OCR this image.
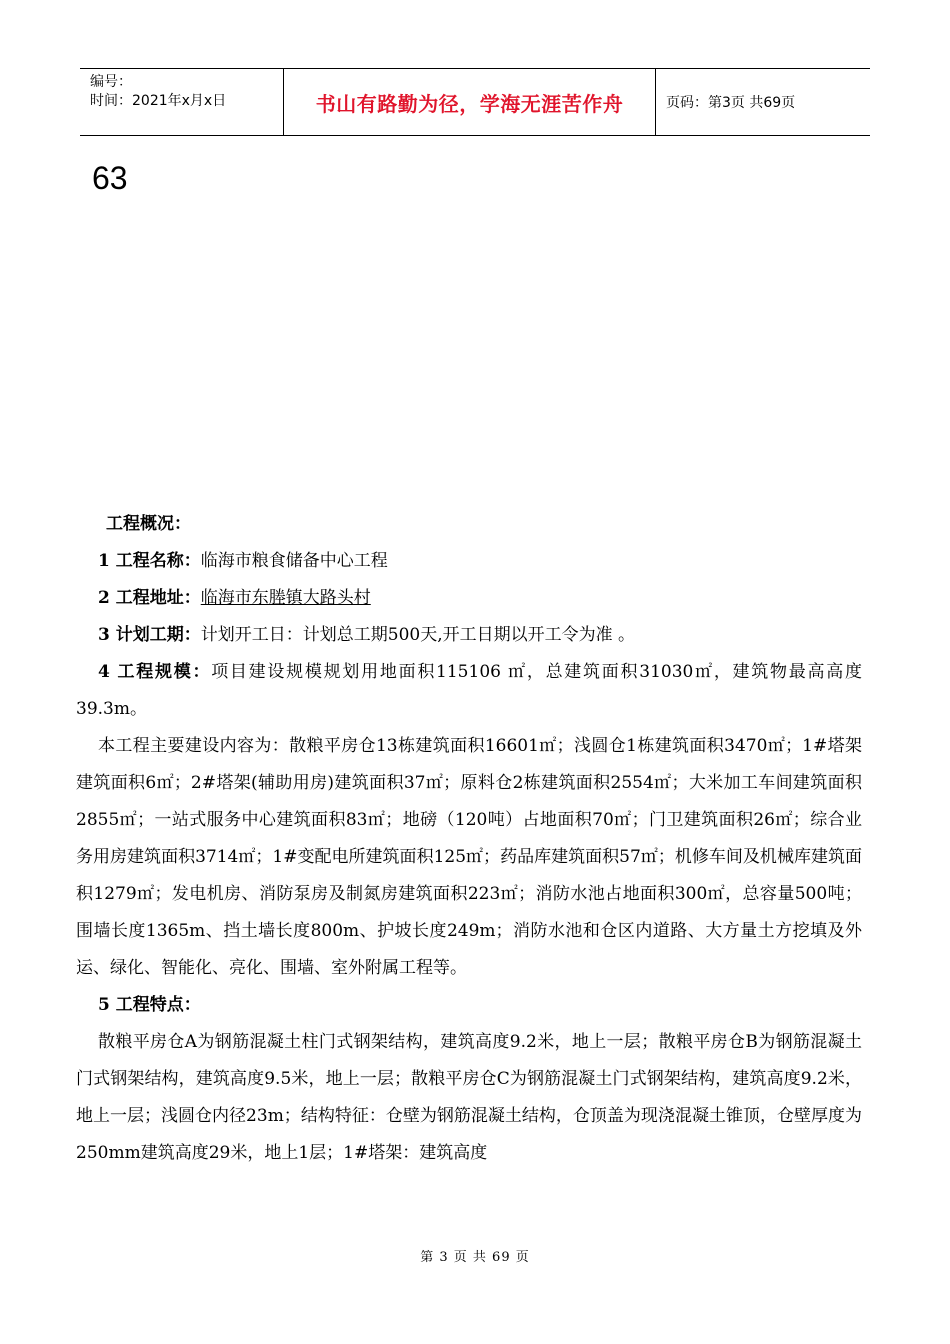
编号：
时间：2021年x月x日	书山有路勤为径，学海无涯苦作舟	页码：第3页 共69页
63

工程概况：

1 工程名称：临海市粮食储备中心工程

2 工程地址：临海市东塍镇大路头村

3 计划工期：计划开工日：计划总工期500天,开工日期以开工令为准 。

4 工程规模：项目建设规模规划用地面积115106 ㎡，总建筑面积31030㎡，建筑物最高高度39.3m。

本工程主要建设内容为：散粮平房仓13栋建筑面积16601㎡；浅圆仓1栋建筑面积3470㎡；1#塔架建筑面积6㎡；2#塔架(辅助用房)建筑面积37㎡；原料仓2栋建筑面积2554㎡；大米加工车间建筑面积2855㎡；一站式服务中心建筑面积83㎡；地磅（120吨）占地面积70㎡；门卫建筑面积26㎡；综合业务用房建筑面积3714㎡；1#变配电所建筑面积125㎡；药品库建筑面积57㎡；机修车间及机械库建筑面积1279㎡；发电机房、消防泵房及制氮房建筑面积223㎡；消防水池占地面积300㎡，总容量500吨；围墙长度1365m、挡土墙长度800m、护坡长度249m；消防水池和仓区内道路、大方量土方挖填及外运、绿化、智能化、亮化、围墙、室外附属工程等。

5 工程特点：

散粮平房仓A为钢筋混凝土柱门式钢架结构，建筑高度9.2米，地上一层；散粮平房仓B为钢筋混凝土门式钢架结构，建筑高度9.5米，地上一层；散粮平房仓C为钢筋混凝土门式钢架结构，建筑高度9.2米，地上一层；浅圆仓内径23m；结构特征：仓壁为钢筋混凝土结构，仓顶盖为现浇混凝土锥顶，仓壁厚度为250mm建筑高度29米，地上1层；1#塔架：建筑高度

第 3 页 共 69 页
